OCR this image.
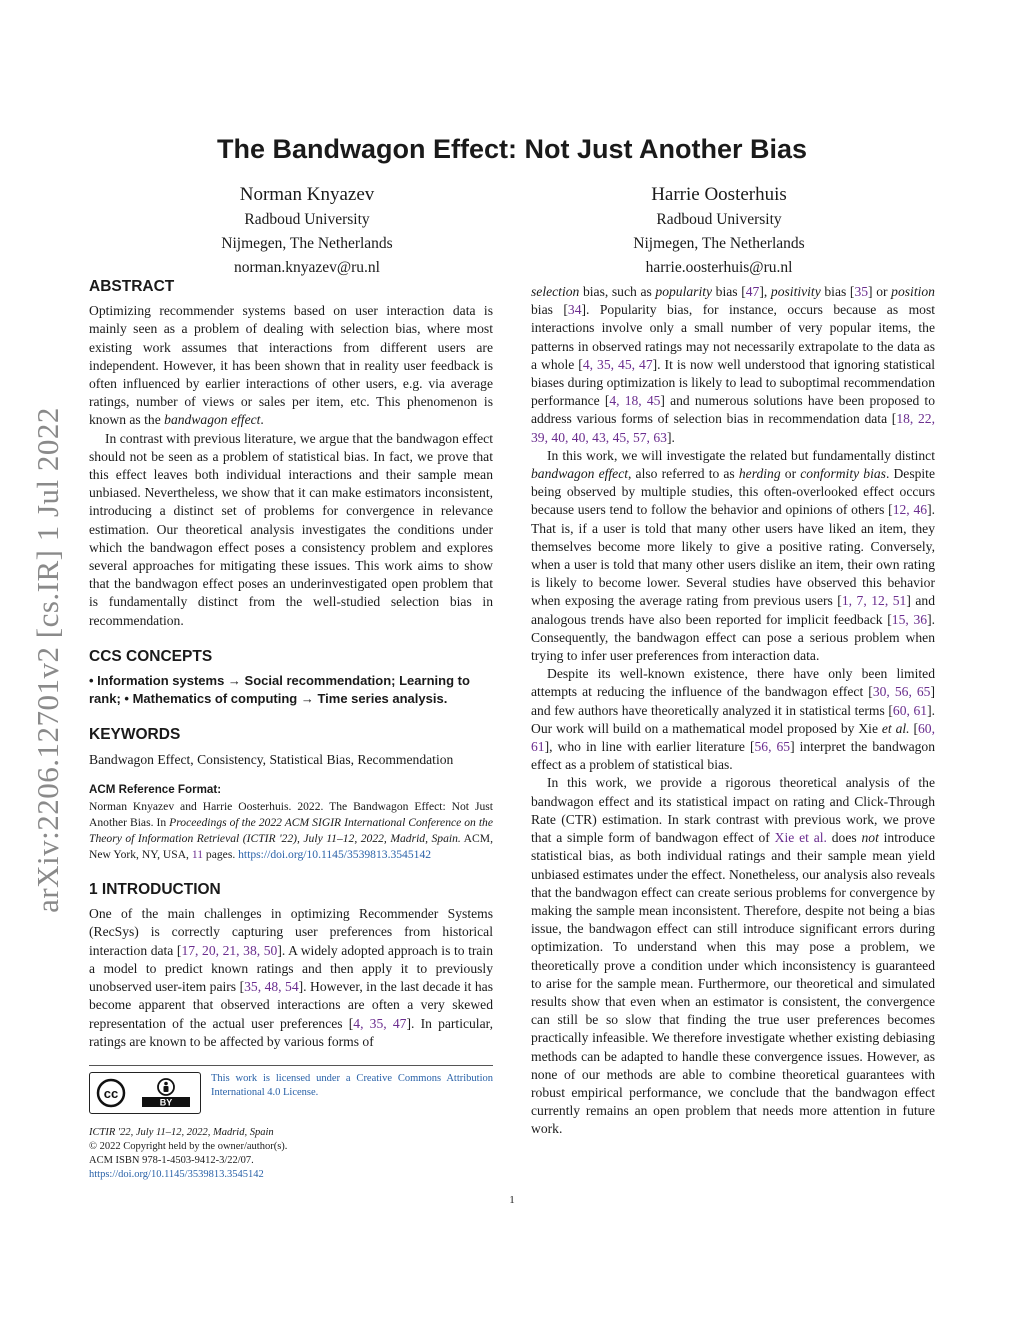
arXiv:2206.12701v2 [cs.IR] 1 Jul 2022
The Bandwagon Effect: Not Just Another Bias
Norman Knyazev
Radboud University
Nijmegen, The Netherlands
norman.knyazev@ru.nl
Harrie Oosterhuis
Radboud University
Nijmegen, The Netherlands
harrie.oosterhuis@ru.nl
ABSTRACT

Optimizing recommender systems based on user interaction data is mainly seen as a problem of dealing with selection bias, where most existing work assumes that interactions from different users are independent. However, it has been shown that in reality user feedback is often influenced by earlier interactions of other users, e.g. via average ratings, number of views or sales per item, etc. This phenomenon is known as the bandwagon effect.

In contrast with previous literature, we argue that the bandwagon effect should not be seen as a problem of statistical bias. In fact, we prove that this effect leaves both individual interactions and their sample mean unbiased. Nevertheless, we show that it can make estimators inconsistent, introducing a distinct set of problems for convergence in relevance estimation. Our theoretical analysis investigates the conditions under which the bandwagon effect poses a consistency problem and explores several approaches for mitigating these issues. This work aims to show that the bandwagon effect poses an underinvestigated open problem that is fundamentally distinct from the well-studied selection bias in recommendation.

CCS CONCEPTS

• Information systems → Social recommendation; Learning to rank; • Mathematics of computing → Time series analysis.

KEYWORDS

Bandwagon Effect, Consistency, Statistical Bias, Recommendation

ACM Reference Format:

Norman Knyazev and Harrie Oosterhuis. 2022. The Bandwagon Effect: Not Just Another Bias. In Proceedings of the 2022 ACM SIGIR International Conference on the Theory of Information Retrieval (ICTIR '22), July 11–12, 2022, Madrid, Spain. ACM, New York, NY, USA, 11 pages. https://doi.org/10.1145/3539813.3545142

1 INTRODUCTION

One of the main challenges in optimizing Recommender Systems (RecSys) is correctly capturing user preferences from historical interaction data [17, 20, 21, 38, 50]. A widely adopted approach is to train a model to predict known ratings and then apply it to previously unobserved user-item pairs [35, 48, 54]. However, in the last decade it has become apparent that observed interactions are often a very skewed representation of the actual user preferences [4, 35, 47]. In particular, ratings are known to be affected by various forms of

cc
BY
This work is licensed under a Creative Commons Attribution International 4.0 License.
ICTIR '22, July 11–12, 2022, Madrid, Spain
© 2022 Copyright held by the owner/author(s).
ACM ISBN 978-1-4503-9412-3/22/07.
https://doi.org/10.1145/3539813.3545142

selection bias, such as popularity bias [47], positivity bias [35] or position bias [34]. Popularity bias, for instance, occurs because as most interactions involve only a small number of very popular items, the patterns in observed ratings may not necessarily extrapolate to the data as a whole [4, 35, 45, 47]. It is now well understood that ignoring statistical biases during optimization is likely to lead to suboptimal recommendation performance [4, 18, 45] and numerous solutions have been proposed to address various forms of selection bias in recommendation data [18, 22, 39, 40, 40, 43, 45, 57, 63].

In this work, we will investigate the related but fundamentally distinct bandwagon effect, also referred to as herding or conformity bias. Despite being observed by multiple studies, this often-overlooked effect occurs because users tend to follow the behavior and opinions of others [12, 46]. That is, if a user is told that many other users have liked an item, they themselves become more likely to give a positive rating. Conversely, when a user is told that many other users dislike an item, their own rating is likely to become lower. Several studies have observed this behavior when exposing the average rating from previous users [1, 7, 12, 51] and analogous trends have also been reported for implicit feedback [15, 36]. Consequently, the bandwagon effect can pose a serious problem when trying to infer user preferences from interaction data.

Despite its well-known existence, there have only been limited attempts at reducing the influence of the bandwagon effect [30, 56, 65] and few authors have theoretically analyzed it in statistical terms [60, 61]. Our work will build on a mathematical model proposed by Xie et al. [60, 61], who in line with earlier literature [56, 65] interpret the bandwagon effect as a problem of statistical bias.

In this work, we provide a rigorous theoretical analysis of the bandwagon effect and its statistical impact on rating and Click-Through Rate (CTR) estimation. In stark contrast with previous work, we prove that a simple form of bandwagon effect of Xie et al. does not introduce statistical bias, as both individual ratings and their sample mean yield unbiased estimates under the effect. Nonetheless, our analysis also reveals that the bandwagon effect can create serious problems for convergence by making the sample mean inconsistent. Therefore, despite not being a bias issue, the bandwagon effect can still introduce significant errors during optimization. To understand when this may pose a problem, we theoretically prove a condition under which inconsistency is guaranteed to arise for the sample mean. Furthermore, our theoretical and simulated results show that even when an estimator is consistent, the convergence can still be so slow that finding the true user preferences becomes practically infeasible. We therefore investigate whether existing debiasing methods can be adapted to handle these convergence issues. However, as none of our methods are able to combine theoretical guarantees with robust empirical performance, we conclude that the bandwagon effect currently remains an open problem that needs more attention in future work.

1
